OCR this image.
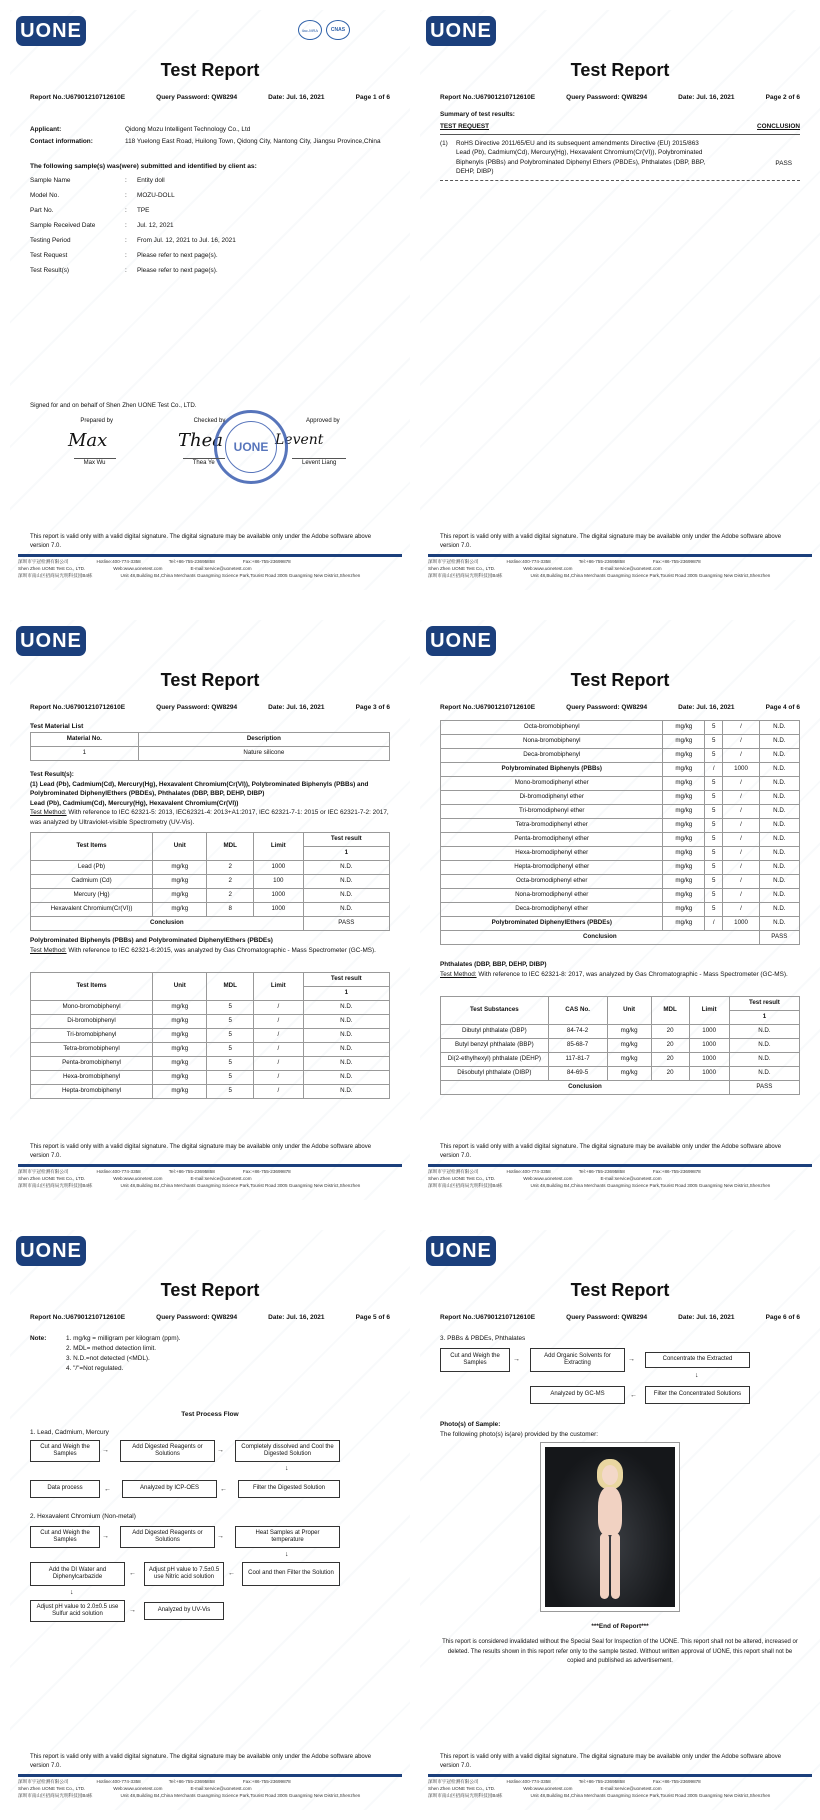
UONE	ilac-MRA	CNAS
Test Report
Report No.:U67901210712610E	Query Password: QW8294	Date: Jul. 16, 2021	Page 1 of 6
Applicant:	Qidong Mozu Intelligent Technology Co., Ltd
Contact information:	118 Yuelong East Road, Huilong Town, Qidong City, Nantong City, Jiangsu Province,China
The following sample(s) was(were) submitted and identified by client as:
Sample Name	:	Entity doll
Model No.	:	MOZU-DOLL
Part No.	:	TPE
Sample Received Date	:	Jul. 12, 2021
Testing Period	:	From Jul. 12, 2021 to Jul. 16, 2021
Test Request	:	Please refer to next page(s).
Test Result(s)	:	Please refer to next page(s).
Signed for and on behalf of Shen Zhen UONE Test Co., LTD.
Prepared by	Checked by	Approved by
Max	Thea	Levent
UONE
Max Wu	Thea Ye	Levent Liang
This report is valid only with a valid digital signature. The digital signature may be available only under the Adobe software above version 7.0.
深圳市宇冠检测有限公司	Hotline:400-774-3358	Tel:+86-755-23695858	Fax:+86-755-23699878
Shen Zhen UONE Test Co., LTD.	Web:www.uonetest.com	E-mail:service@uonetest.com
深圳市南山区招商局光明科技园B4栋	Unit 48,Building B4,China Merchants Guangming Science Park,Tourist Road 3005 Guangming New District,Shenzhen
UONE
Test Report
Report No.:U67901210712610E	Query Password: QW8294	Date: Jul. 16, 2021	Page 2 of 6
Summary of test results:
TEST REQUEST	CONCLUSION
(1)	RoHS Directive 2011/65/EU and its subsequent amendments Directive (EU) 2015/863 Lead (Pb), Cadmium(Cd), Mercury(Hg), Hexavalent Chromium(Cr(VI)), Polybrominated Biphenyls (PBBs) and Polybrominated Diphenyl Ethers (PBDEs), Phthalates (DBP, BBP, DEHP, DIBP)
PASS
This report is valid only with a valid digital signature. The digital signature may be available only under the Adobe software above version 7.0.
深圳市宇冠检测有限公司	Hotline:400-774-3358	Tel:+86-755-23695858	Fax:+86-755-23699878
Shen Zhen UONE Test Co., LTD.	Web:www.uonetest.com	E-mail:service@uonetest.com
深圳市南山区招商局光明科技园B4栋	Unit 48,Building B4,China Merchants Guangming Science Park,Tourist Road 3005 Guangming New District,Shenzhen
UONE
Test Report
Report No.:U67901210712610E	Query Password: QW8294	Date: Jul. 16, 2021	Page 3 of 6
Test Material List
Material No.	Description
1	Nature silicone
Test Result(s):
(1) Lead (Pb), Cadmium(Cd), Mercury(Hg), Hexavalent Chromium(Cr(VI)), Polybrominated Biphenyls (PBBs) and Polybrominated DiphenylEthers (PBDEs), Phthalates (DBP, BBP, DEHP, DIBP)
Lead (Pb), Cadmium(Cd), Mercury(Hg), Hexavalent Chromium(Cr(VI))
Test Method: With reference to IEC 62321-5: 2013, IEC62321-4: 2013+A1:2017, IEC 62321-7-1: 2015 or IEC 62321-7-2: 2017, was analyzed by Ultraviolet-visible Spectrometry (UV-Vis).
Test Items	Unit	MDL	Limit	Test result
				1
Lead (Pb)	mg/kg	2	1000	N.D.
Cadmium (Cd)	mg/kg	2	100	N.D.
Mercury (Hg)	mg/kg	2	1000	N.D.
Hexavalent Chromium(Cr(VI))	mg/kg	8	1000	N.D.
Conclusion				PASS
Polybrominated Biphenyls (PBBs) and Polybrominated DiphenylEthers (PBDEs)
Test Method: With reference to IEC 62321-6:2015, was analyzed by Gas Chromatographic - Mass Spectrometer (GC-MS).
Test Items	Unit	MDL	Limit	Test result
				1
Mono-bromobiphenyl	mg/kg	5	/	N.D.
Di-bromobiphenyl	mg/kg	5	/	N.D.
Tri-bromobiphenyl	mg/kg	5	/	N.D.
Tetra-bromobiphenyl	mg/kg	5	/	N.D.
Penta-bromobiphenyl	mg/kg	5	/	N.D.
Hexa-bromobiphenyl	mg/kg	5	/	N.D.
Hepta-bromobiphenyl	mg/kg	5	/	N.D.
This report is valid only with a valid digital signature. The digital signature may be available only under the Adobe software above version 7.0.
深圳市宇冠检测有限公司	Hotline:400-774-3358	Tel:+86-755-23695858	Fax:+86-755-23699878
Shen Zhen UONE Test Co., LTD.	Web:www.uonetest.com	E-mail:service@uonetest.com
深圳市南山区招商局光明科技园B4栋	Unit 48,Building B4,China Merchants Guangming Science Park,Tourist Road 3005 Guangming New District,Shenzhen
UONE
Test Report
Report No.:U67901210712610E	Query Password: QW8294	Date: Jul. 16, 2021	Page 4 of 6
Octa-bromobiphenyl	mg/kg	5	/	N.D.
Nona-bromobiphenyl	mg/kg	5	/	N.D.
Deca-bromobiphenyl	mg/kg	5	/	N.D.
Polybrominated Biphenyls (PBBs)	mg/kg	/	1000	N.D.
Mono-bromodiphenyl ether	mg/kg	5	/	N.D.
Di-bromodiphenyl ether	mg/kg	5	/	N.D.
Tri-bromodiphenyl ether	mg/kg	5	/	N.D.
Tetra-bromodiphenyl ether	mg/kg	5	/	N.D.
Penta-bromodiphenyl ether	mg/kg	5	/	N.D.
Hexa-bromodiphenyl ether	mg/kg	5	/	N.D.
Hepta-bromodiphenyl ether	mg/kg	5	/	N.D.
Octa-bromodiphenyl ether	mg/kg	5	/	N.D.
Nona-bromodiphenyl ether	mg/kg	5	/	N.D.
Deca-bromodiphenyl ether	mg/kg	5	/	N.D.
Polybrominated DiphenylEthers (PBDEs)	mg/kg	/	1000	N.D.
Conclusion				PASS
Phthalates (DBP, BBP, DEHP, DIBP)
Test Method: With reference to IEC 62321-8: 2017, was analyzed by Gas Chromatographic - Mass Spectrometer (GC-MS).
Test Substances	CAS No.	Unit	MDL	Limit	Test result
					1
Dibutyl phthalate (DBP)	84-74-2	mg/kg	20	1000	N.D.
Butyl benzyl phthalate (BBP)	85-68-7	mg/kg	20	1000	N.D.
Di(2-ethylhexyl) phthalate (DEHP)	117-81-7	mg/kg	20	1000	N.D.
Diisobutyl phthalate (DIBP)	84-69-5	mg/kg	20	1000	N.D.
Conclusion					PASS
This report is valid only with a valid digital signature. The digital signature may be available only under the Adobe software above version 7.0.
深圳市宇冠检测有限公司	Hotline:400-774-3358	Tel:+86-755-23695858	Fax:+86-755-23699878
Shen Zhen UONE Test Co., LTD.	Web:www.uonetest.com	E-mail:service@uonetest.com
深圳市南山区招商局光明科技园B4栋	Unit 48,Building B4,China Merchants Guangming Science Park,Tourist Road 3005 Guangming New District,Shenzhen
UONE
Test Report
Report No.:U67901210712610E	Query Password: QW8294	Date: Jul. 16, 2021	Page 5 of 6
Note:	1. mg/kg = milligram per kilogram (ppm).
2. MDL= method detection limit.
3. N.D.=not detected (<MDL).
4. "/"=Not regulated.
Test Process Flow
1. Lead, Cadmium, Mercury
Cut and Weigh the Samples	→
Add Digested Reagents or Solutions	→
Completely dissolved and Cool the Digested Solution
↓
Data process	←	Analyzed by ICP-OES	←	Filter the Digested Solution
2. Hexavalent Chromium (Non-metal)
Cut and Weigh the Samples	→
Add Digested Reagents or Solutions	→
Heat Samples at Proper temperature
↓
Add the DI Water and Diphenylcarbazide	←
Adjust pH value to 7.5±0.5 use Nitric acid solution	←	Cool and then Filter the Solution
↓
Adjust pH value to 2.0±0.5 use Sulfur acid solution	→	Analyzed by UV-Vis
This report is valid only with a valid digital signature. The digital signature may be available only under the Adobe software above version 7.0.
深圳市宇冠检测有限公司	Hotline:400-774-3358	Tel:+86-755-23695858	Fax:+86-755-23699878
Shen Zhen UONE Test Co., LTD.	Web:www.uonetest.com	E-mail:service@uonetest.com
深圳市南山区招商局光明科技园B4栋	Unit 48,Building B4,China Merchants Guangming Science Park,Tourist Road 3005 Guangming New District,Shenzhen
UONE
Test Report
Report No.:U67901210712610E	Query Password: QW8294	Date: Jul. 16, 2021	Page 6 of 6
3. PBBs & PBDEs, Phthalates
Cut and Weigh the Samples	→
Add Organic Solvents for Extracting	→	Concentrate the Extracted
↓
Analyzed by GC-MS	←	Filter the Concentrated Solutions
Photo(s) of Sample:
The following photo(s) is(are) provided by the customer:
***End of Report***
This report is considered invalidated without the Special Seal for Inspection of the UONE. This report shall not be altered, increased or deleted. The results shown in this report refer only to the sample tested. Without written approval of UONE, this report shall not be copied and published as advertisement.
This report is valid only with a valid digital signature. The digital signature may be available only under the Adobe software above version 7.0.
深圳市宇冠检测有限公司	Hotline:400-774-3358	Tel:+86-755-23695858	Fax:+86-755-23699878
Shen Zhen UONE Test Co., LTD.	Web:www.uonetest.com	E-mail:service@uonetest.com
深圳市南山区招商局光明科技园B4栋	Unit 48,Building B4,China Merchants Guangming Science Park,Tourist Road 3005 Guangming New District,Shenzhen
